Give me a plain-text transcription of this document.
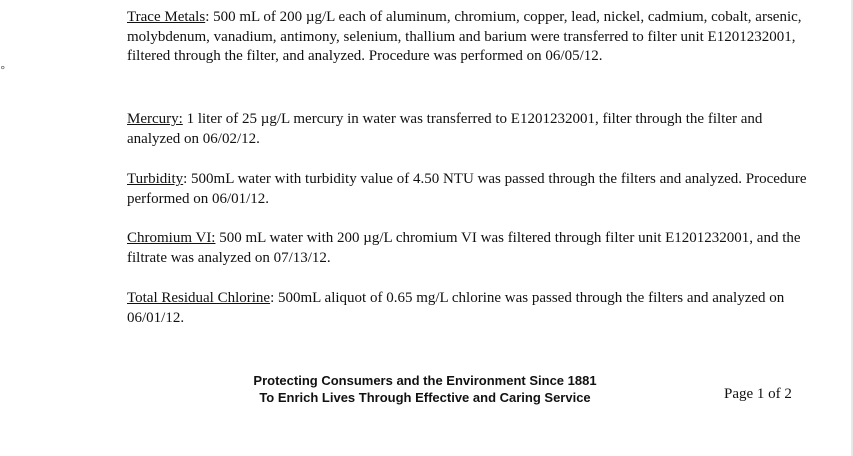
°

Trace Metals: 500 mL of 200 µg/L each of aluminum, chromium, copper, lead, nickel, cadmium, cobalt, arsenic, molybdenum, vanadium, antimony, selenium, thallium and barium were transferred to filter unit E1201232001, filtered through the filter, and analyzed. Procedure was performed on 06/05/12.

Mercury: 1 liter of 25 µg/L mercury in water was transferred to E1201232001, filter through the filter and analyzed on 06/02/12.

Turbidity: 500mL water with turbidity value of 4.50 NTU was passed through the filters and analyzed. Procedure performed on 06/01/12.

Chromium VI: 500 mL water with 200 µg/L chromium VI was filtered through filter unit E1201232001, and the filtrate was analyzed on 07/13/12.

Total Residual Chlorine: 500mL aliquot of 0.65 mg/L chlorine was passed through the filters and analyzed on 06/01/12.

Protecting Consumers and the Environment Since 1881
To Enrich Lives Through Effective and Caring Service	Page 1 of 2
